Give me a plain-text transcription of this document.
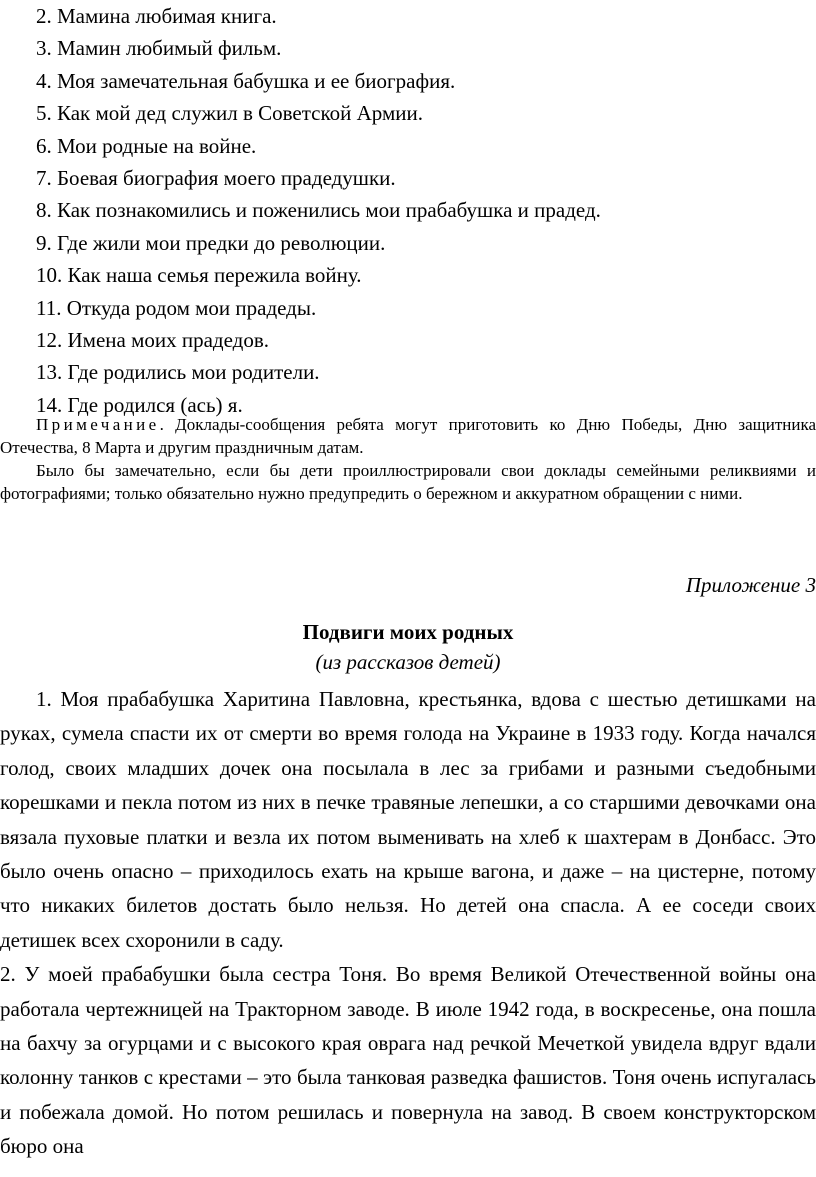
2. Мамина любимая книга.
3. Мамин любимый фильм.
4. Моя замечательная бабушка и ее биография.
5. Как мой дед служил в Советской Армии.
6. Мои родные на войне.
7. Боевая биография моего прадедушки.
8. Как познакомились и поженились мои прабабушка и прадед.
9. Где жили мои предки до революции.
10. Как наша семья пережила войну.
11. Откуда родом мои прадеды.
12. Имена моих прадедов.
13. Где родились мои родители.
14. Где родился (ась) я.

Примечание. Доклады-сообщения ребята могут приготовить ко Дню Победы, Дню защитника Отечества, 8 Марта и другим праздничным датам.

Было бы замечательно, если бы дети проиллюстрировали свои доклады семейными реликвиями и фотографиями; только обязательно нужно предупредить о бережном и аккуратном обращении с ними.

Приложение 3
Подвиги моих родных
(из рассказов детей)

1. Моя прабабушка Харитина Павловна, крестьянка, вдова с шестью детишками на руках, сумела спасти их от смерти во время голода на Украине в 1933 году. Когда начался голод, своих младших дочек она посылала в лес за грибами и разными съедобными корешками и пекла потом из них в печке травяные лепешки, а со старшими девочками она вязала пуховые платки и везла их потом выменивать на хлеб к шахтерам в Донбасс. Это было очень опасно – приходилось ехать на крыше вагона, и даже – на цистерне, потому что никаких билетов достать было нельзя. Но детей она спасла. А ее соседи своих детишек всех схоронили в саду.

2. У моей прабабушки была сестра Тоня. Во время Великой Отечественной войны она работала чертежницей на Тракторном заводе. В июле 1942 года, в воскресенье, она пошла на бахчу за огурцами и с высокого края оврага над речкой Мечеткой увидела вдруг вдали колонну танков с крестами – это была танковая разведка фашистов. Тоня очень испугалась и побежала домой. Но потом решилась и повернула на завод. В своем конструкторском бюро она
